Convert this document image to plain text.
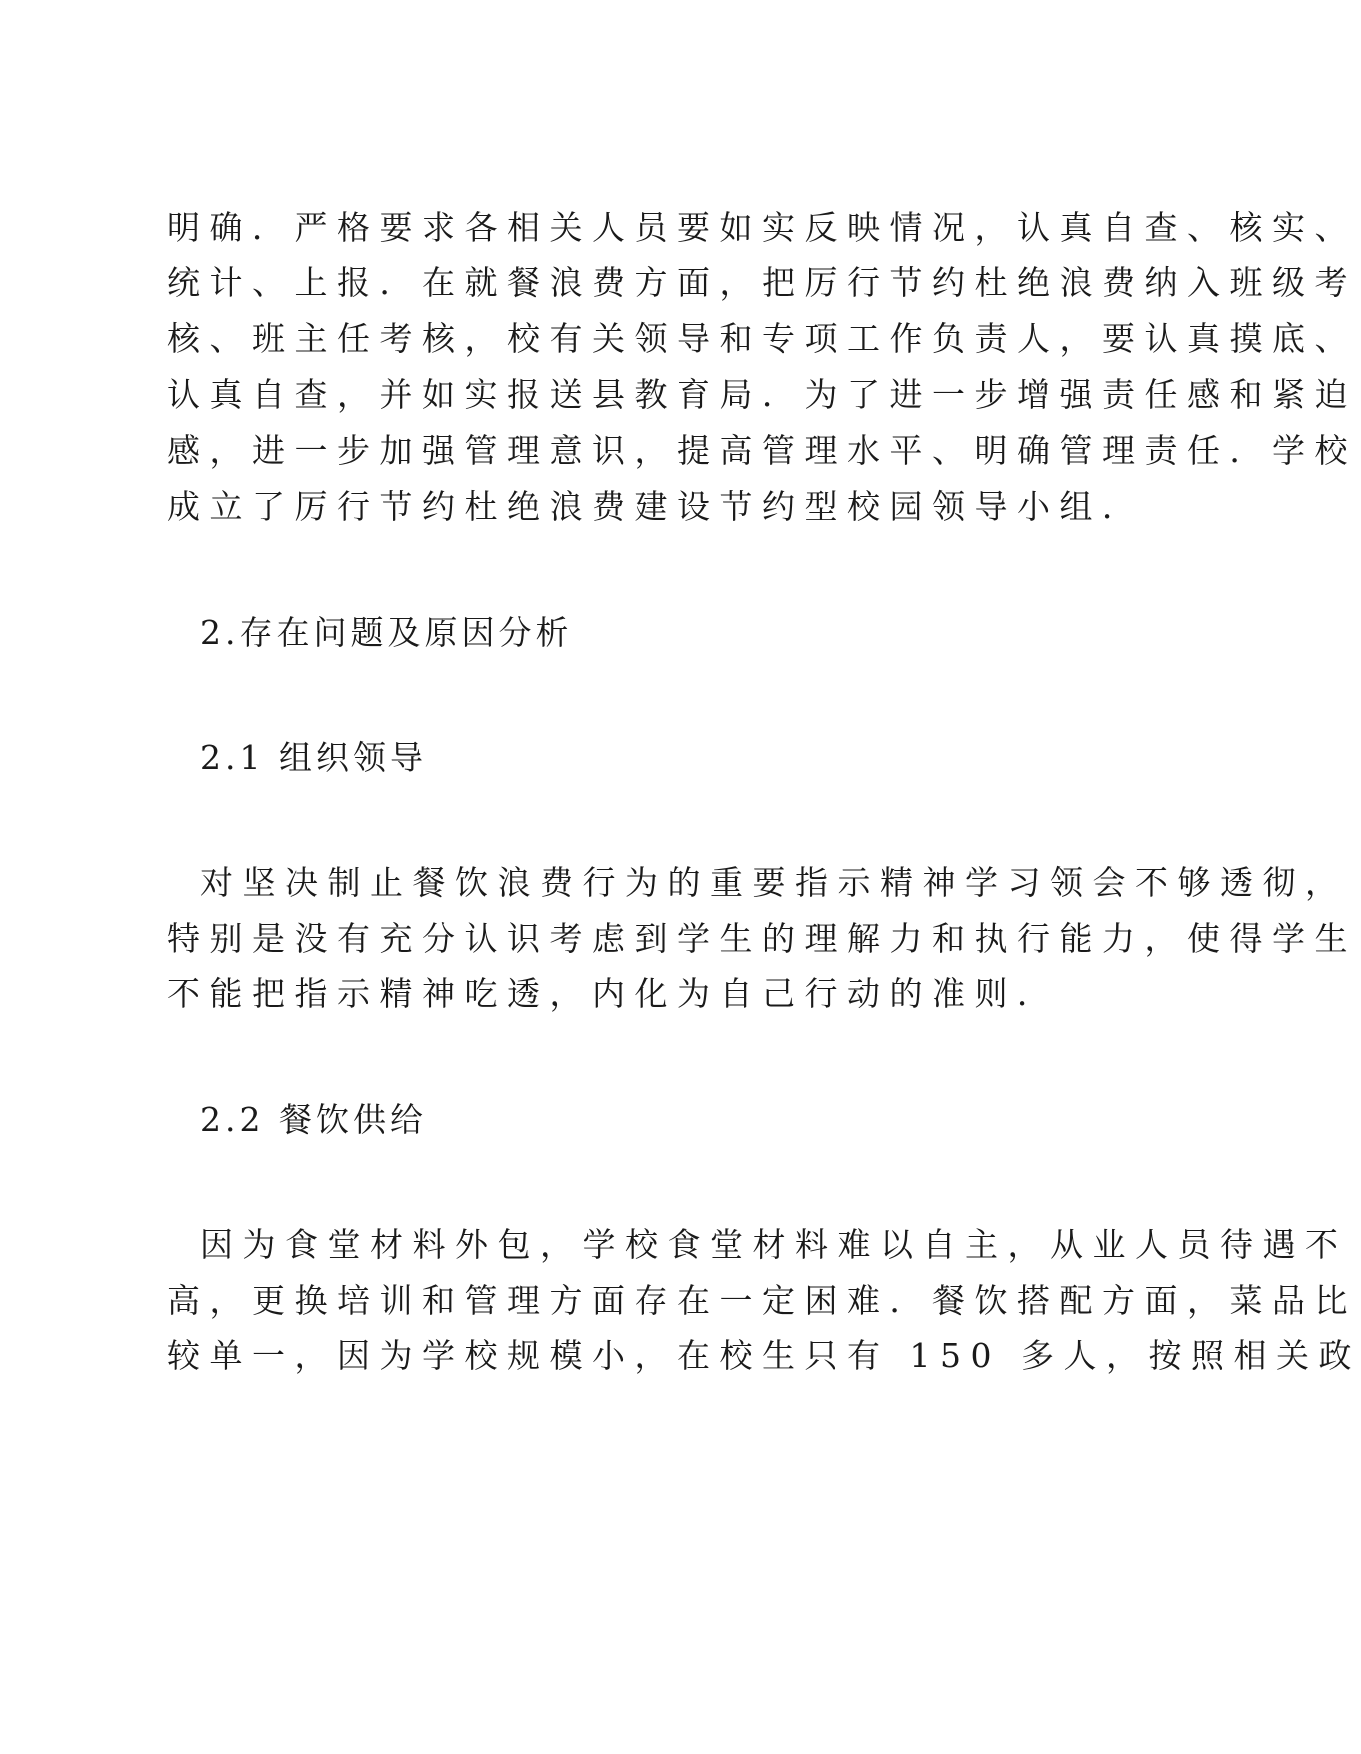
明确．严格要求各相关人员要如实反映情况，认真自查、核实、
统计、上报．在就餐浪费方面，把厉行节约杜绝浪费纳入班级考
核、班主任考核，校有关领导和专项工作负责人，要认真摸底、
认真自查，并如实报送县教育局．为了进一步增强责任感和紧迫
感，进一步加强管理意识，提高管理水平、明确管理责任．学校
成立了厉行节约杜绝浪费建设节约型校园领导小组．
2.存在问题及原因分析
2.1 组织领导
对坚决制止餐饮浪费行为的重要指示精神学习领会不够透彻，
特别是没有充分认识考虑到学生的理解力和执行能力，使得学生
不能把指示精神吃透，内化为自己行动的准则．
2.2 餐饮供给
因为食堂材料外包，学校食堂材料难以自主，从业人员待遇不
高，更换培训和管理方面存在一定困难．餐饮搭配方面，菜品比
较单一，因为学校规模小，在校生只有 150 多人，按照相关政
